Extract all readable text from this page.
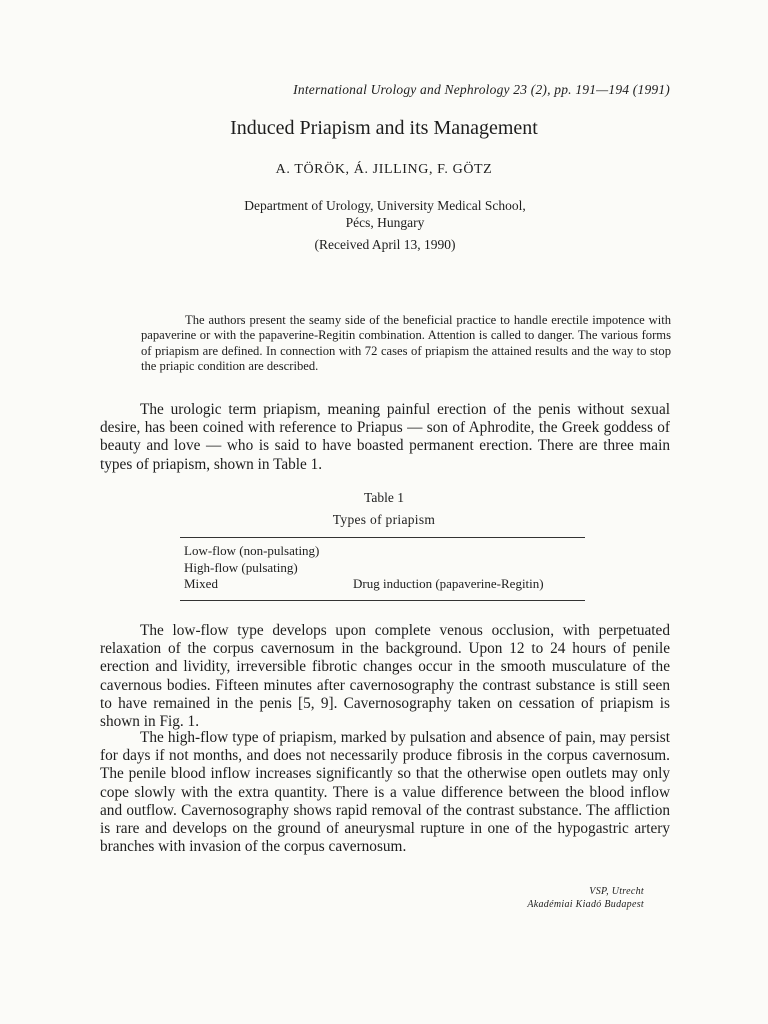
International Urology and Nephrology 23 (2), pp. 191—194 (1991)
Induced Priapism and its Management
A. TÖRÖK, Á. JILLING, F. GÖTZ
Department of Urology, University Medical School,
Pécs, Hungary
(Received April 13, 1990)
The authors present the seamy side of the beneficial practice to handle erectile impotence with papaverine or with the papaverine-Regitin combination. Attention is called to danger. The various forms of priapism are defined. In connection with 72 cases of priapism the attained results and the way to stop the priapic condition are described.

The urologic term priapism, meaning painful erection of the penis without sexual desire, has been coined with reference to Priapus — son of Aphrodite, the Greek goddess of beauty and love — who is said to have boasted permanent erection. There are three main types of priapism, shown in Table 1.

Table 1
Types of priapism
Low-flow (non-pulsating)
High-flow (pulsating)
Mixed	Drug induction (papaverine-Regitin)

The low-flow type develops upon complete venous occlusion, with perpetuated relaxation of the corpus cavernosum in the background. Upon 12 to 24 hours of penile erection and lividity, irreversible fibrotic changes occur in the smooth musculature of the cavernous bodies. Fifteen minutes after cavernosography the contrast substance is still seen to have remained in the penis [5, 9]. Cavernosography taken on cessation of priapism is shown in Fig. 1.

The high-flow type of priapism, marked by pulsation and absence of pain, may persist for days if not months, and does not necessarily produce fibrosis in the corpus cavernosum. The penile blood inflow increases significantly so that the otherwise open outlets may only cope slowly with the extra quantity. There is a value difference between the blood inflow and outflow. Cavernosography shows rapid removal of the contrast substance. The affliction is rare and develops on the ground of aneurysmal rupture in one of the hypogastric artery branches with invasion of the corpus cavernosum.

VSP, Utrecht
Akadémiai Kiadó Budapest
